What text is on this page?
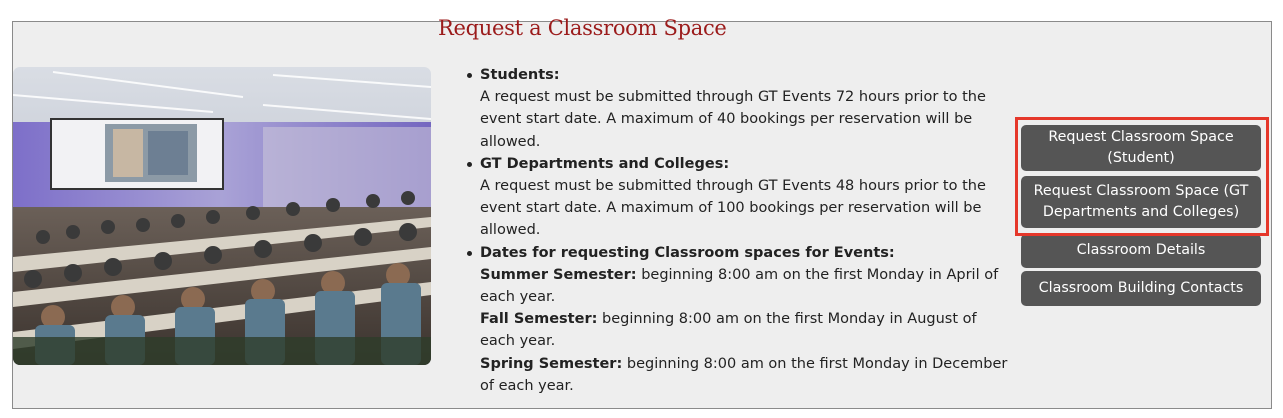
Request a Classroom Space
Students:
A request must be submitted through GT Events 72 hours prior to the event start date. A maximum of 40 bookings per reservation will be allowed.
GT Departments and Colleges:
A request must be submitted through GT Events 48 hours prior to the event start date. A maximum of 100 bookings per reservation will be allowed.
Dates for requesting Classroom spaces for Events:
Summer Semester: beginning 8:00 am on the first Monday in April of each year.
Fall Semester: beginning 8:00 am on the first Monday in August of each year.
Spring Semester: beginning 8:00 am on the first Monday in December of each year.
Request Classroom Space (Student)
Request Classroom Space (GT Departments and Colleges)
Classroom Details
Classroom Building Contacts
